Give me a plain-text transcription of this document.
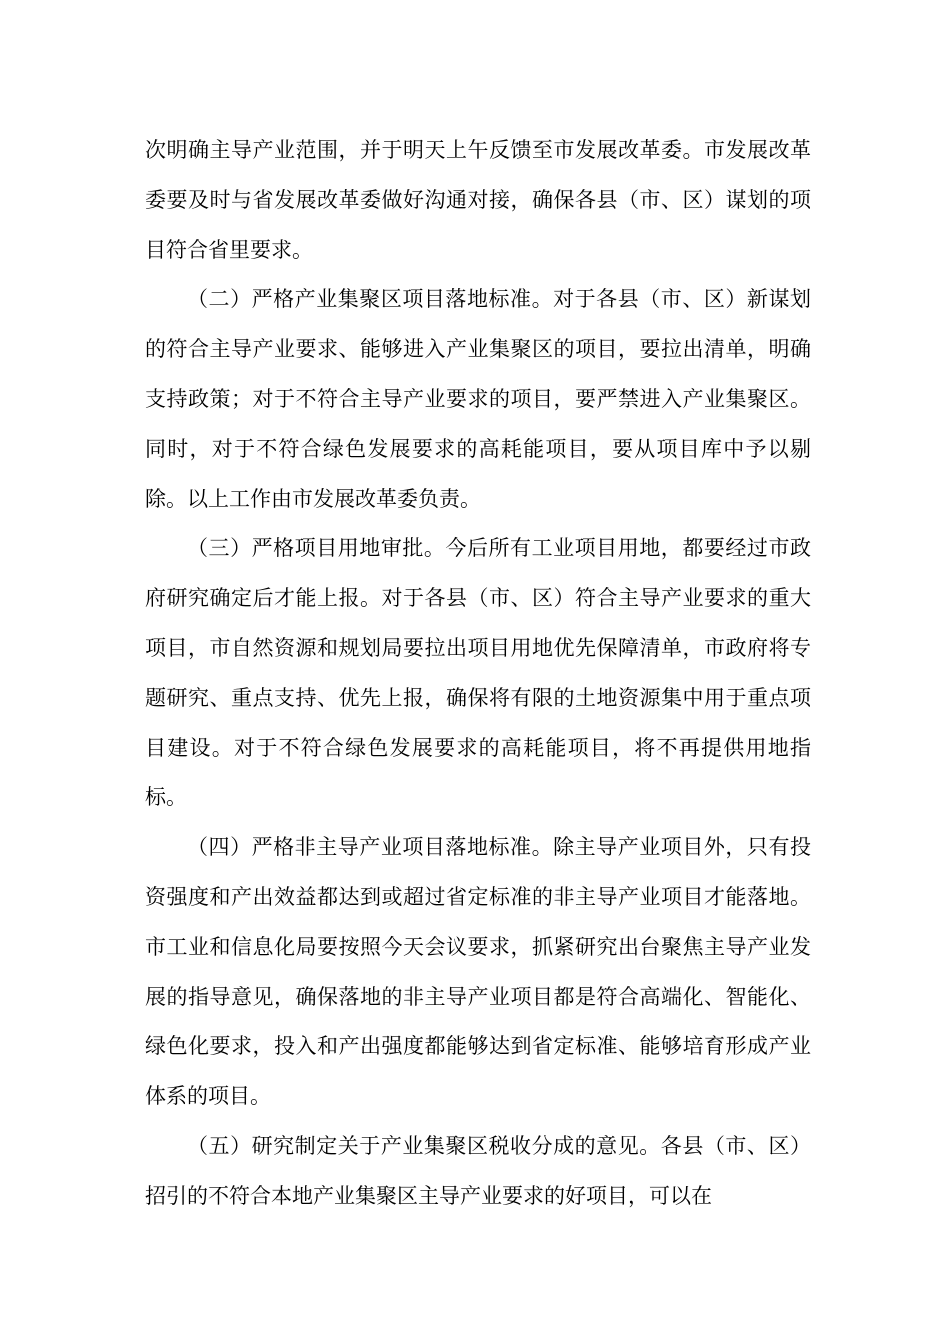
次明确主导产业范围，并于明天上午反馈至市发展改革委。市发展改革委要及时与省发展改革委做好沟通对接，确保各县（市、区）谋划的项目符合省里要求。

（二）严格产业集聚区项目落地标准。对于各县（市、区）新谋划的符合主导产业要求、能够进入产业集聚区的项目，要拉出清单，明确支持政策；对于不符合主导产业要求的项目，要严禁进入产业集聚区。同时，对于不符合绿色发展要求的高耗能项目，要从项目库中予以剔除。以上工作由市发展改革委负责。

（三）严格项目用地审批。今后所有工业项目用地，都要经过市政府研究确定后才能上报。对于各县（市、区）符合主导产业要求的重大项目，市自然资源和规划局要拉出项目用地优先保障清单，市政府将专题研究、重点支持、优先上报，确保将有限的土地资源集中用于重点项目建设。对于不符合绿色发展要求的高耗能项目，将不再提供用地指标。

（四）严格非主导产业项目落地标准。除主导产业项目外，只有投资强度和产出效益都达到或超过省定标准的非主导产业项目才能落地。市工业和信息化局要按照今天会议要求，抓紧研究出台聚焦主导产业发展的指导意见，确保落地的非主导产业项目都是符合高端化、智能化、绿色化要求，投入和产出强度都能够达到省定标准、能够培育形成产业体系的项目。

（五）研究制定关于产业集聚区税收分成的意见。各县（市、区）招引的不符合本地产业集聚区主导产业要求的好项目，可以在
